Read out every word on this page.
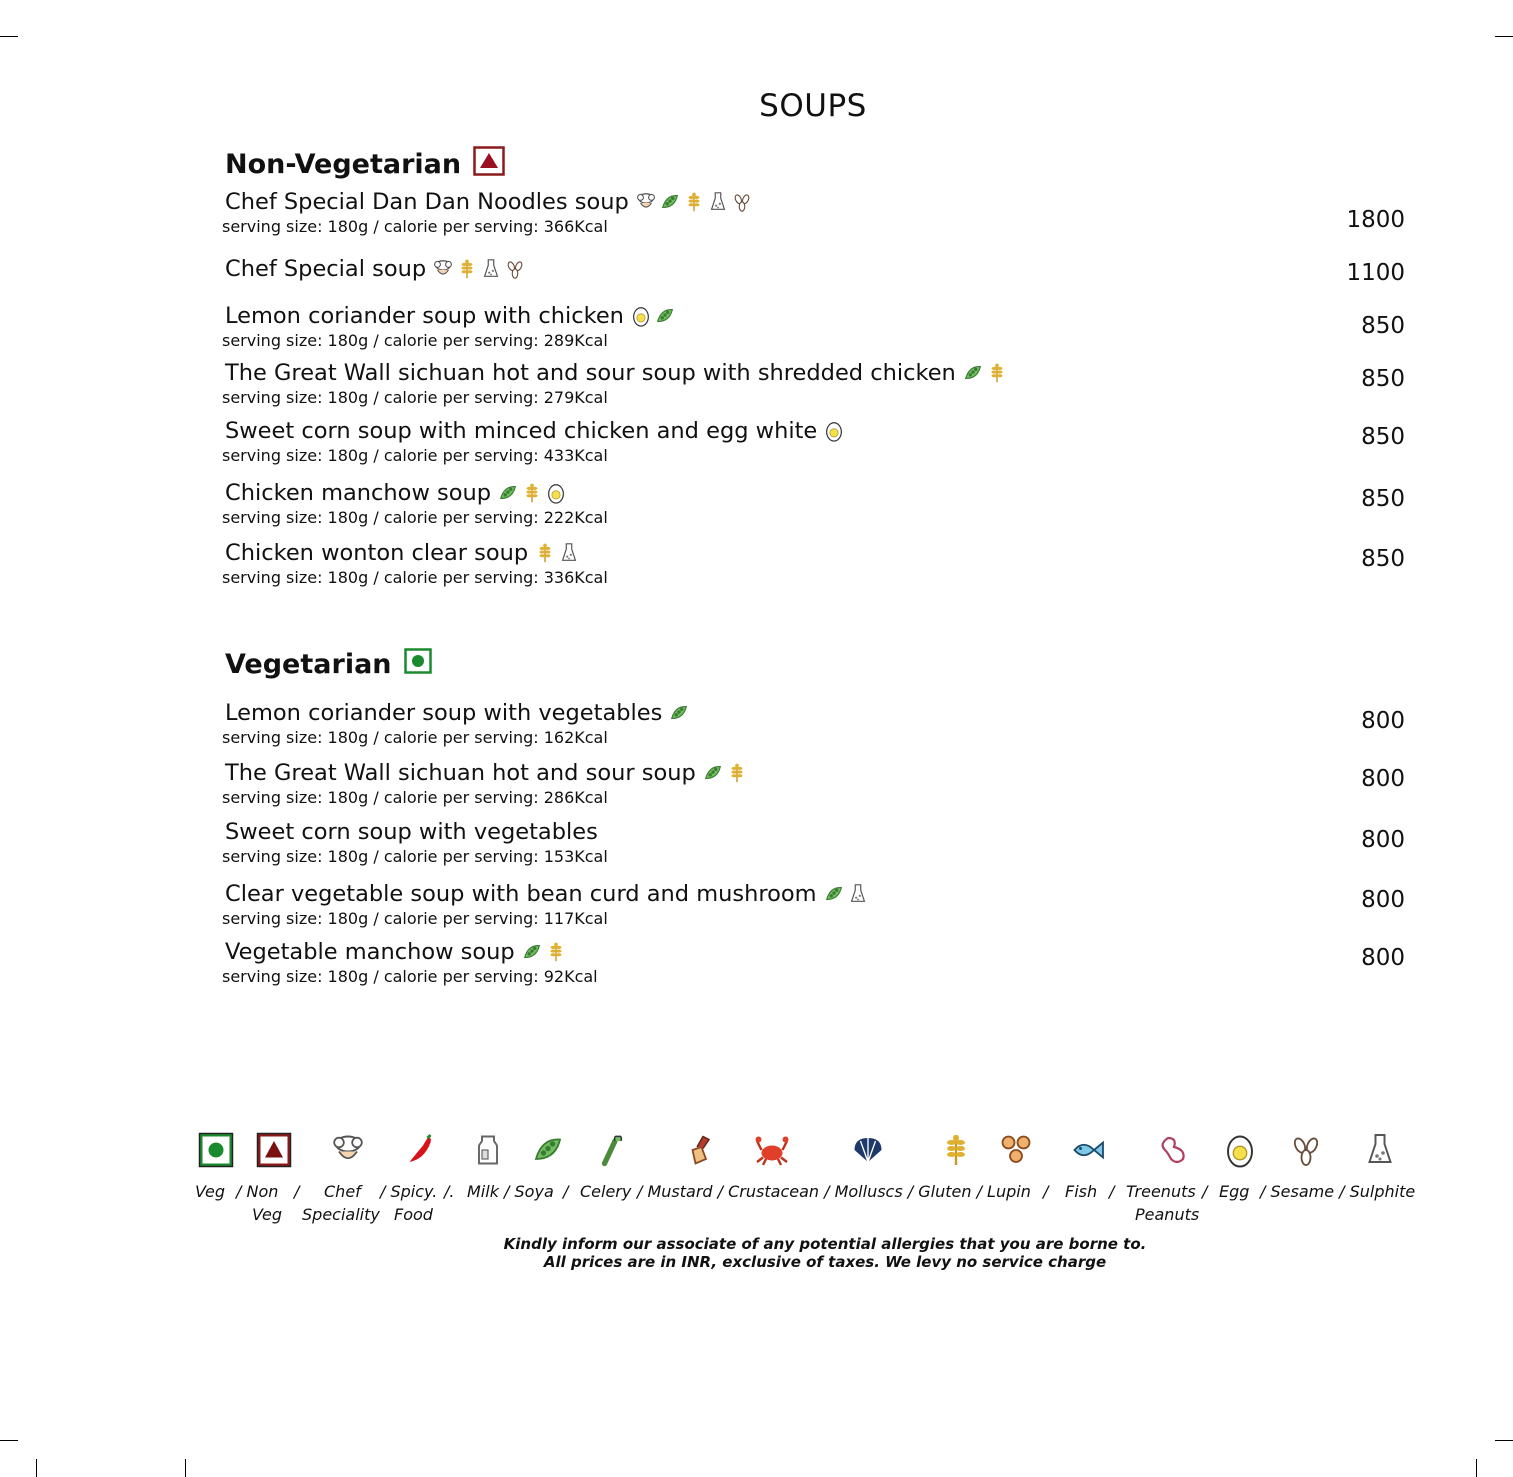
SOUPS
Non-Vegetarian
Chef Special Dan Dan Noodles soup
serving size: 180g / calorie per serving: 366Kcal	1800
Chef Special soup	1100
Lemon coriander soup with chicken
serving size: 180g / calorie per serving: 289Kcal
850
The Great Wall sichuan hot and sour soup with shredded chicken
serving size: 180g / calorie per serving: 279Kcal
850
Sweet corn soup with minced chicken and egg white
serving size: 180g / calorie per serving: 433Kcal
850
Chicken manchow soup
serving size: 180g / calorie per serving: 222Kcal
850
Chicken wonton clear soup
serving size: 180g / calorie per serving: 336Kcal
850
Vegetarian
Lemon coriander soup with vegetables
serving size: 180g / calorie per serving: 162Kcal
800
The Great Wall sichuan hot and sour soup
serving size: 180g / calorie per serving: 286Kcal
800
Sweet corn soup with vegetables
serving size: 180g / calorie per serving: 153Kcal
800
Clear vegetable soup with bean curd and mushroom
serving size: 180g / calorie per serving: 117Kcal
800
Vegetable manchow soup
serving size: 180g / calorie per serving: 92Kcal
800
Veg / Non
Veg
Chef
Speciality
/	/ Spicy.
Food
/. Milk / Soya / Celery / Mustard / Crustacean / Molluscs / Gluten / Lupin / Fish / Treenuts
Peanuts
/ Egg / Sesame / Sulphite
Kindly inform our associate of any potential allergies that you are borne to.
All prices are in INR, exclusive of taxes. We levy no service charge
